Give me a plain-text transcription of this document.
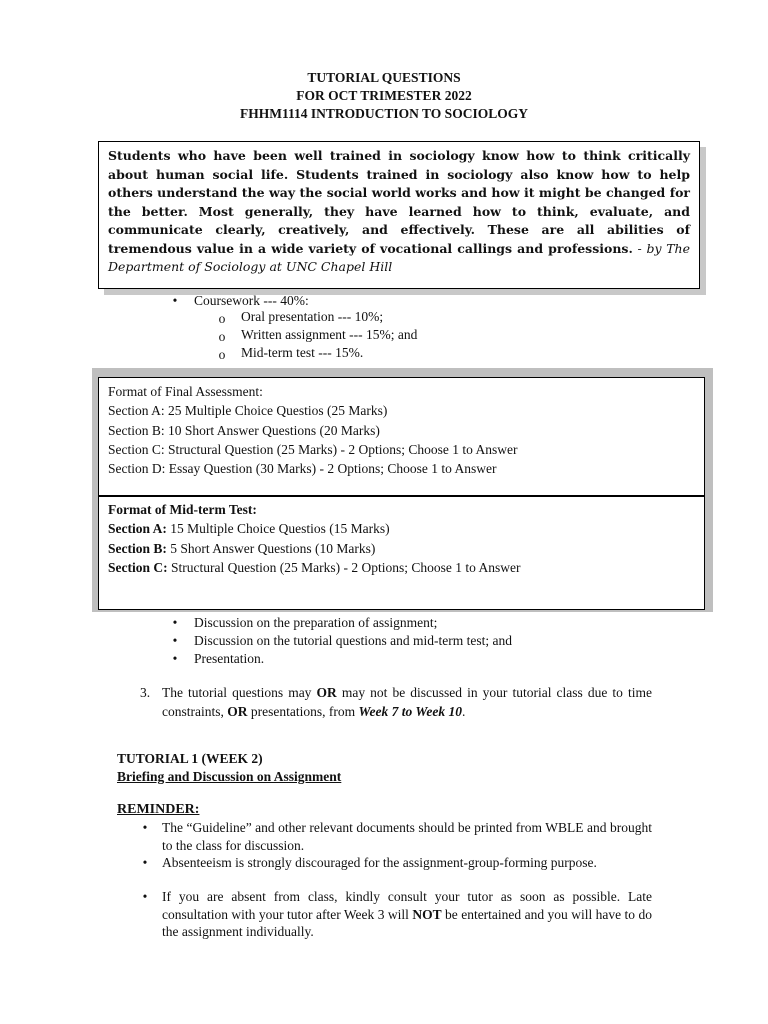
TUTORIAL QUESTIONS
FOR OCT TRIMESTER 2022
FHHM1114 INTRODUCTION TO SOCIOLOGY
Students who have been well trained in sociology know how to think critically about human social life. Students trained in sociology also know how to help others understand the way the social world works and how it might be changed for the better. Most generally, they have learned how to think, evaluate, and communicate clearly, creatively, and effectively. These are all abilities of tremendous value in a wide variety of vocational callings and professions. - by The Department of Sociology at UNC Chapel Hill
• Coursework --- 40%:
o Oral presentation --- 10%;
o Written assignment --- 15%; and
o Mid-term test --- 15%.
Format of Final Assessment:
Section A: 25 Multiple Choice Questios (25 Marks)
Section B: 10 Short Answer Questions (20 Marks)
Section C: Structural Question (25 Marks) - 2 Options; Choose 1 to Answer
Section D: Essay Question (30 Marks) - 2 Options; Choose 1 to Answer
Format of Mid-term Test:
Section A: 15 Multiple Choice Questios (15 Marks)
Section B: 5 Short Answer Questions (10 Marks)
Section C: Structural Question (25 Marks) - 2 Options; Choose 1 to Answer
• Discussion on the preparation of assignment;
• Discussion on the tutorial questions and mid-term test; and
• Presentation.
3. The tutorial questions may OR may not be discussed in your tutorial class due to time constraints, OR presentations, from Week 7 to Week 10.
TUTORIAL 1 (WEEK 2)
Briefing and Discussion on Assignment
REMINDER:
• The “Guideline” and other relevant documents should be printed from WBLE and brought to the class for discussion.
• Absenteeism is strongly discouraged for the assignment-group-forming purpose.
• If you are absent from class, kindly consult your tutor as soon as possible. Late consultation with your tutor after Week 3 will NOT be entertained and you will have to do the assignment individually.
